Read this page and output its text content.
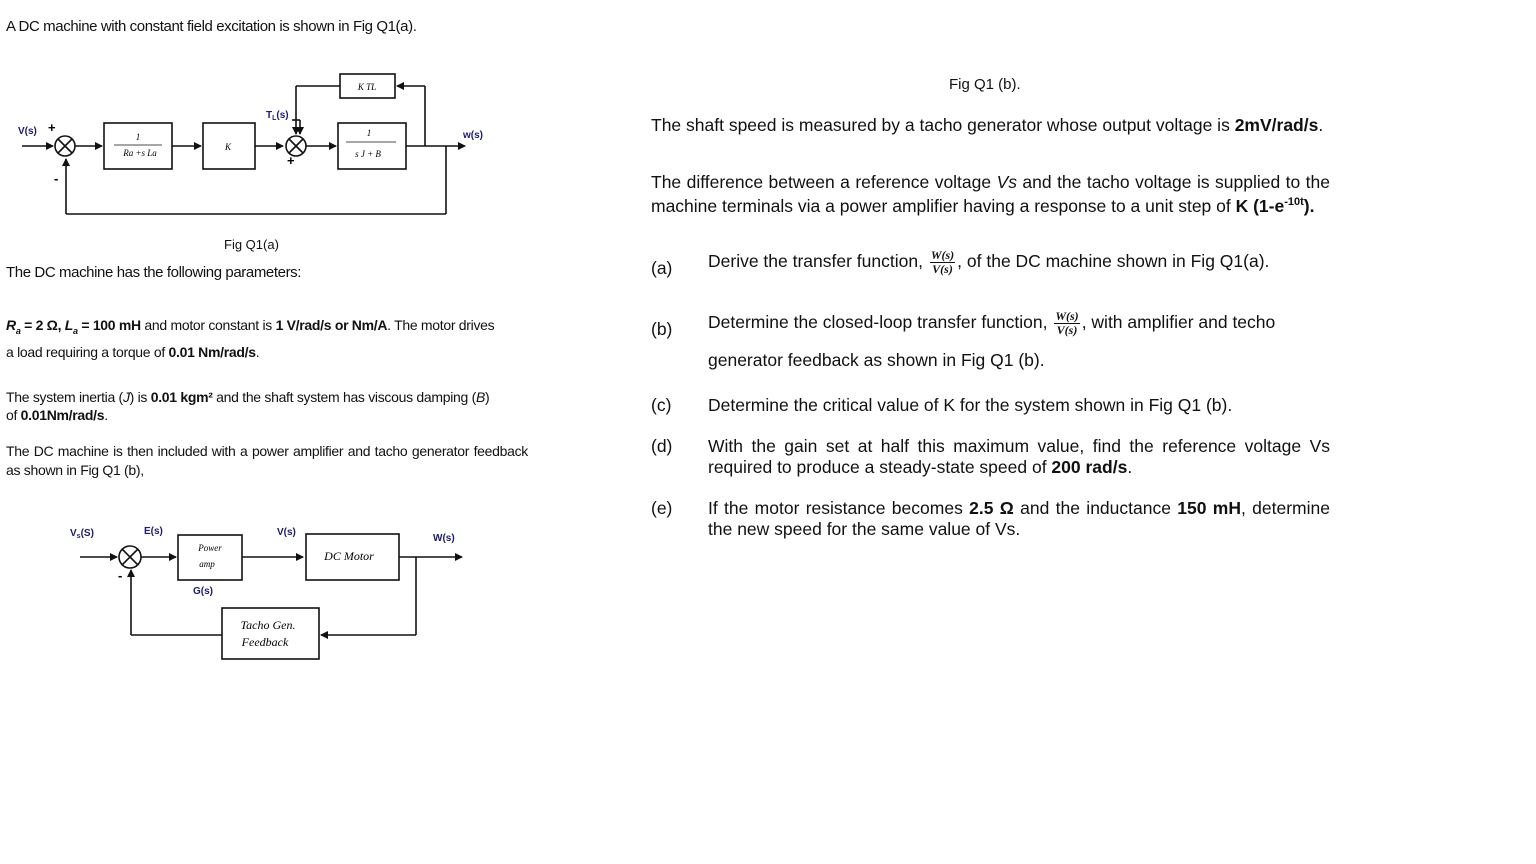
A DC machine with constant field excitation is shown in Fig Q1(a).
V(s) +
-
1
Ra +s La
K
$T_L(s)$
+
1
s J + B
K TL
w(s)
Fig Q1(a)
The DC machine has the following parameters:
$R_a = 2$ Ω, $L_a = 100$ mH and motor constant is 1 V/rad/s or Nm/A. The motor drives
a load requiring a torque of 0.01 Nm/rad/s.
The system inertia (J) is 0.01 kgm² and the shaft system has viscous damping (B)
of 0.01Nm/rad/s.
The DC machine is then included with a power amplifier and tacho generator feedback as shown in Fig Q1 (b),
$V_s(S)$	E(s)	V(s)
W(s)
G(s)
-
Power
amp
DC Motor
Tacho Gen.
Feedback
Fig Q1 (b).
The shaft speed is measured by a tacho generator whose output voltage is 2mV/rad/s.
The difference between a reference voltage Vs and the tacho voltage is supplied to the machine terminals via a power amplifier having a response to a unit step of K $(1-e^{-10t})$.
(a) Derive the transfer function, $\frac{W(s)}{V(s)}$ , of the DC machine shown in Fig Q1(a).
(b) Determine the closed-loop transfer function, $\frac{W(s)}{V(s)}$ , with amplifier and techo
generator feedback as shown in Fig Q1 (b).
(c) Determine the critical value of K for the system shown in Fig Q1 (b).
(d) With the gain set at half this maximum value, find the reference voltage Vs required to produce a steady-state speed of 200 rad/s.
(e) If the motor resistance becomes 2.5 Ω and the inductance 150 mH, determine the new speed for the same value of Vs.
